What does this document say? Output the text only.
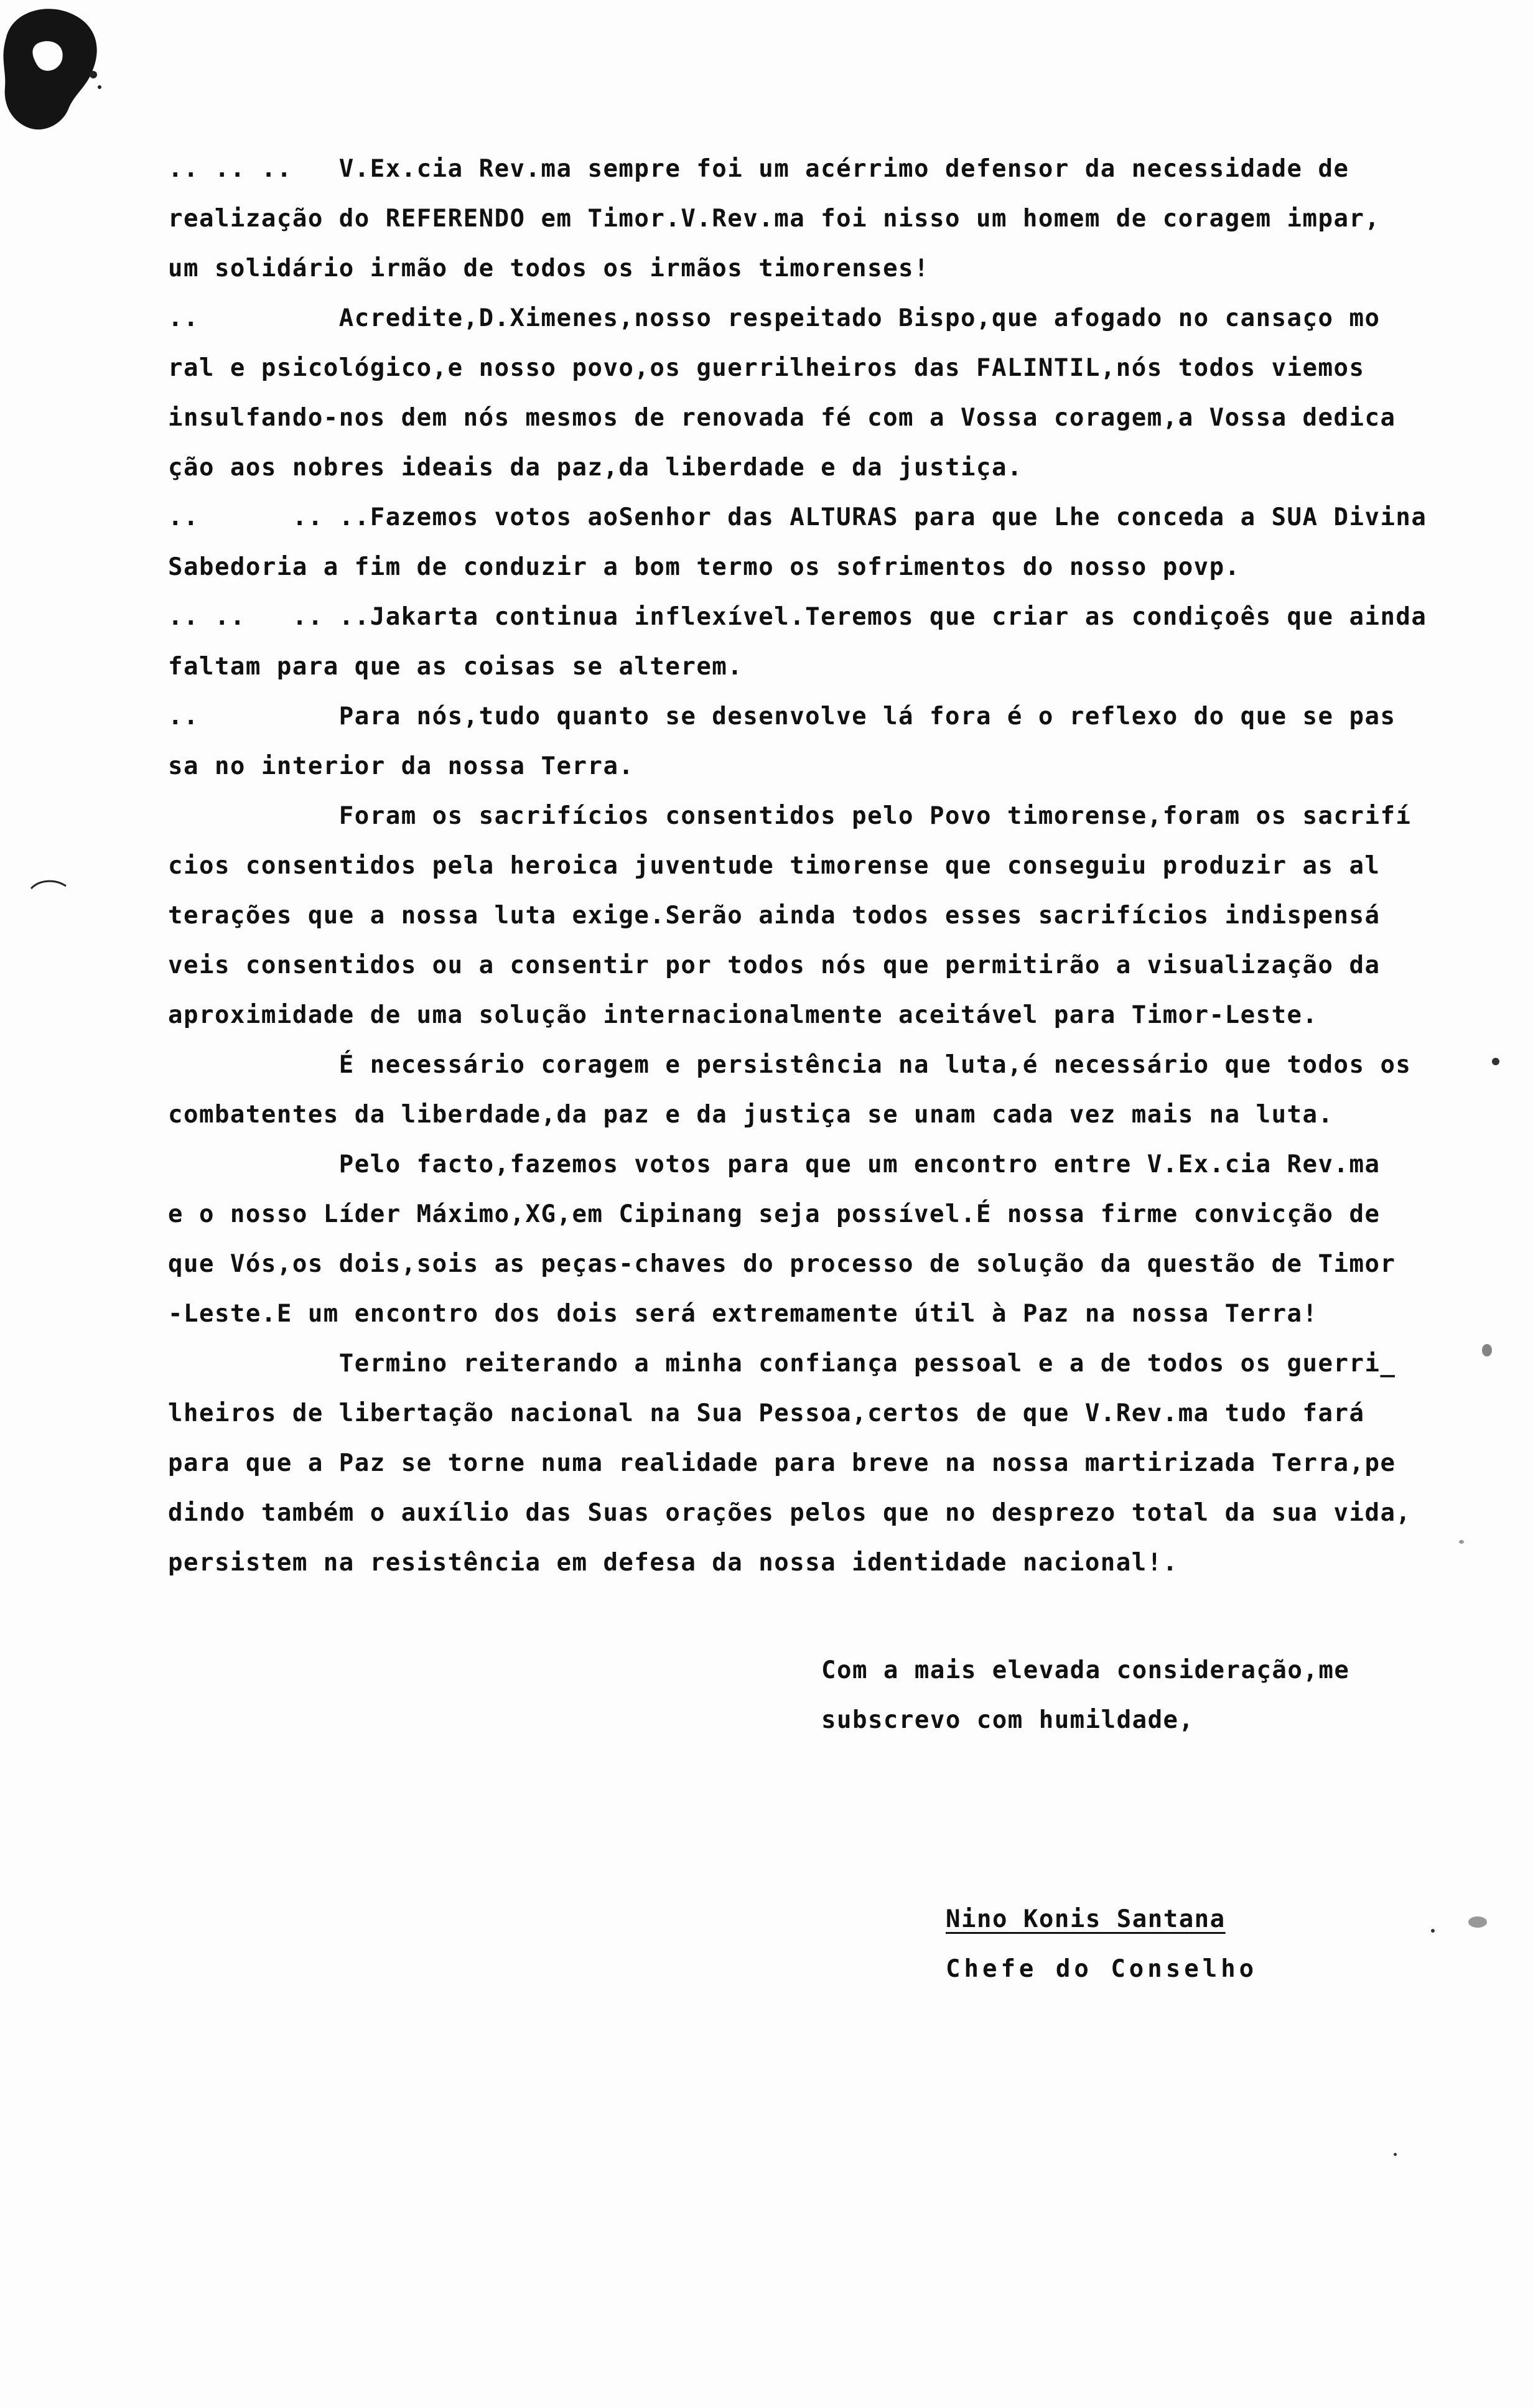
.. .. ..   V.Ex.cia Rev.ma sempre foi um acérrimo defensor da necessidade de
realização do REFERENDO em Timor.V.Rev.ma foi nisso um homem de coragem impar,
um solidário irmão de todos os irmãos timorenses!
..         Acredite,D.Ximenes,nosso respeitado Bispo,que afogado no cansaço mo
ral e psicológico,e nosso povo,os guerrilheiros das FALINTIL,nós todos viemos
insulfando-nos dem nós mesmos de renovada fé com a Vossa coragem,a Vossa dedica
ção aos nobres ideais da paz,da liberdade e da justiça.
..      .. ..Fazemos votos aoSenhor das ALTURAS para que Lhe conceda a SUA Divina
Sabedoria a fim de conduzir a bom termo os sofrimentos do nosso povp.
.. ..   .. ..Jakarta continua inflexível.Teremos que criar as condiçoês que ainda
faltam para que as coisas se alterem.
..         Para nós,tudo quanto se desenvolve lá fora é o reflexo do que se pas
sa no interior da nossa Terra.
Foram os sacrifícios consentidos pelo Povo timorense,foram os sacrifí
cios consentidos pela heroica juventude timorense que conseguiu produzir as al
terações que a nossa luta exige.Serão ainda todos esses sacrifícios indispensá
veis consentidos ou a consentir por todos nós que permitirão a visualização da
aproximidade de uma solução internacionalmente aceitável para Timor-Leste.
É necessário coragem e persistência na luta,é necessário que todos os
combatentes da liberdade,da paz e da justiça se unam cada vez mais na luta.
Pelo facto,fazemos votos para que um encontro entre V.Ex.cia Rev.ma
e o nosso Líder Máximo,XG,em Cipinang seja possível.É nossa firme convicção de
que Vós,os dois,sois as peças-chaves do processo de solução da questão de Timor
-Leste.E um encontro dos dois será extremamente útil à Paz na nossa Terra!
Termino reiterando a minha confiança pessoal e a de todos os guerri_
lheiros de libertação nacional na Sua Pessoa,certos de que V.Rev.ma tudo fará
para que a Paz se torne numa realidade para breve na nossa martirizada Terra,pe
dindo também o auxílio das Suas orações pelos que no desprezo total da sua vida,
persistem na resistência em defesa da nossa identidade nacional!.
Com a mais elevada consideração,me
subscrevo com humildade,
Nino Konis Santana
Chefe do Conselho
